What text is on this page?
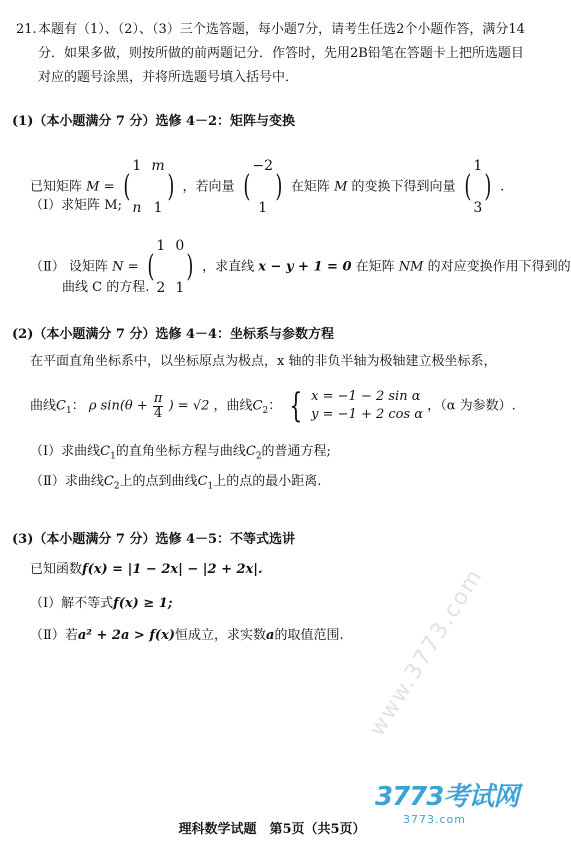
21. 本题有（1）、（2）、（3）三个选答题，每小题7分，请考生任选2个小题作答，满分14分．如果多做，则按所做的前两题记分．作答时，先用2B铅笔在答题卡上把所选题目对应的题号涂黑，并将所选题号填入括号中．
(1)（本小题满分 7 分）选修 4－2：矩阵与变换
已知矩阵 M = (
1 m
n 1
) ，若向量 (
−2
1
) 在矩阵 M 的变换下得到向量 (
1
3
) .
（Ⅰ）求矩阵 M;
（Ⅱ） 设矩阵 N = (
1 0
2 1
) ，求直线 x − y + 1 = 0 在矩阵 NM 的对应变换作用下得到的
曲线 C 的方程.
(2)（本小题满分 7 分）选修 4－4：坐标系与参数方程
在平面直角坐标系中，以坐标原点为极点，x 轴的非负半轴为极轴建立极坐标系，
曲线$C_1$： ρ $\sin(\theta + \frac{\pi}{4}$ ) = √2 ，曲线$C_2$： { x = −1 − 2 sin α
y = −1 + 2 cos α
，（α 为参数）.
（Ⅰ）求曲线$C_1$的直角坐标方程与曲线$C_2$的普通方程;
（Ⅱ）求曲线$C_2$上的点到曲线$C_1$上的点的最小距离.
(3)（本小题满分 7 分）选修 4－5：不等式选讲
已知函数f(x) = |1 − 2x| − |2 + 2x|.
（Ⅰ）解不等式f(x) ≥ 1;
（Ⅱ）若a² + 2a > f(x)恒成立，求实数a的取值范围. www.3773.com
3773考试网
3773.com
理科数学试题　第5页（共5页）
